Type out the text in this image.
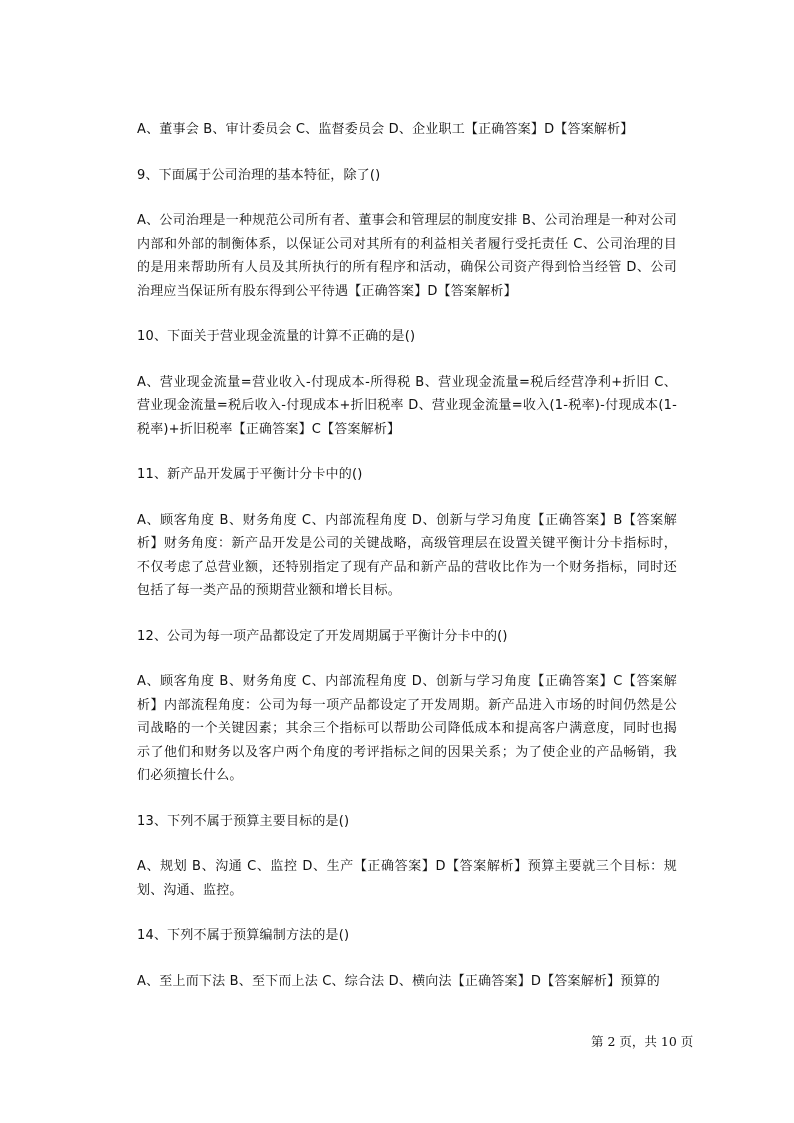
A、董事会 B、审计委员会 C、监督委员会 D、企业职工【正确答案】D【答案解析】

9、下面属于公司治理的基本特征，除了()

A、公司治理是一种规范公司所有者、董事会和管理层的制度安排 B、公司治理是一种对公司内部和外部的制衡体系，以保证公司对其所有的利益相关者履行受托责任 C、公司治理的目的是用来帮助所有人员及其所执行的所有程序和活动，确保公司资产得到恰当经管 D、公司治理应当保证所有股东得到公平待遇【正确答案】D【答案解析】

10、下面关于营业现金流量的计算不正确的是()

A、营业现金流量=营业收入-付现成本-所得税 B、营业现金流量=税后经营净利+折旧 C、营业现金流量=税后收入-付现成本+折旧税率 D、营业现金流量=收入(1-税率)-付现成本(1-税率)+折旧税率【正确答案】C【答案解析】

11、新产品开发属于平衡计分卡中的()

A、顾客角度 B、财务角度 C、内部流程角度 D、创新与学习角度【正确答案】B【答案解析】财务角度：新产品开发是公司的关键战略，高级管理层在设置关键平衡计分卡指标时，不仅考虑了总营业额，还特别指定了现有产品和新产品的营收比作为一个财务指标，同时还包括了每一类产品的预期营业额和增长目标。

12、公司为每一项产品都设定了开发周期属于平衡计分卡中的()

A、顾客角度 B、财务角度 C、内部流程角度 D、创新与学习角度【正确答案】C【答案解析】内部流程角度：公司为每一项产品都设定了开发周期。新产品进入市场的时间仍然是公司战略的一个关键因素；其余三个指标可以帮助公司降低成本和提高客户满意度，同时也揭示了他们和财务以及客户两个角度的考评指标之间的因果关系；为了使企业的产品畅销，我们必须擅长什么。

13、下列不属于预算主要目标的是()

A、规划 B、沟通 C、监控 D、生产【正确答案】D【答案解析】预算主要就三个目标：规划、沟通、监控。

14、下列不属于预算编制方法的是()

A、至上而下法 B、至下而上法 C、综合法 D、横向法【正确答案】D【答案解析】预算的

第 2 页，共 10 页
